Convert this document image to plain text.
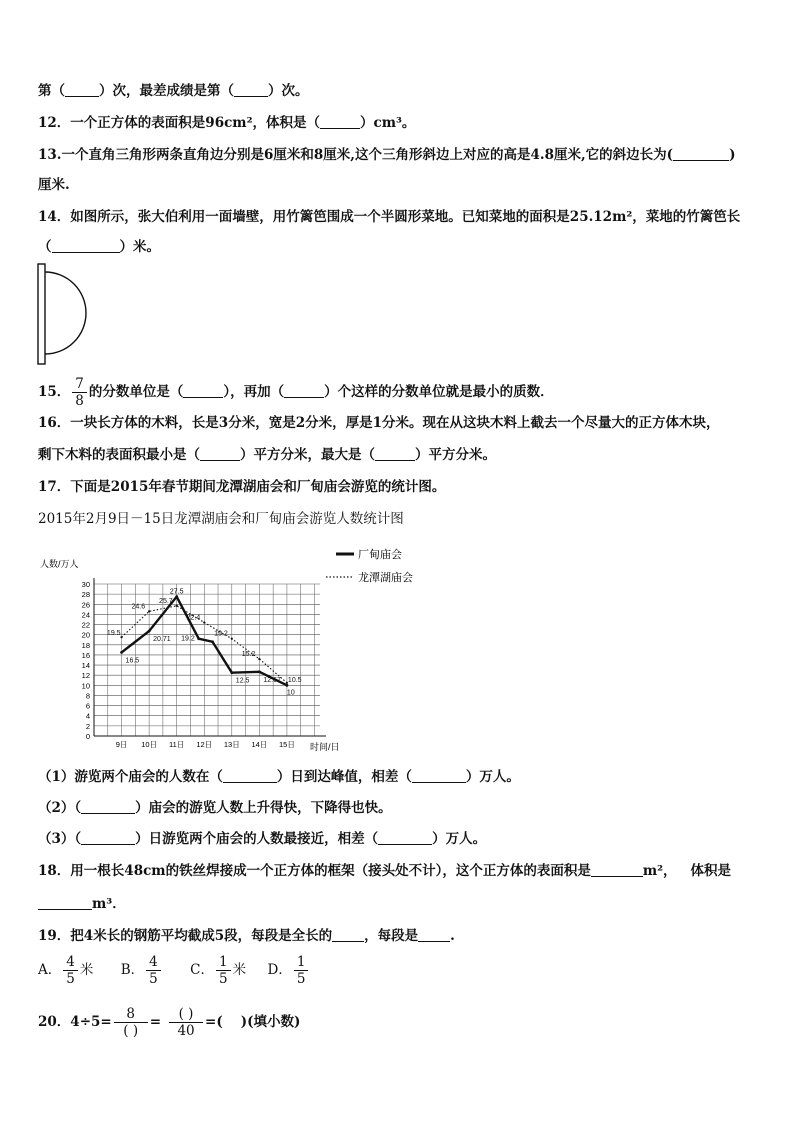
第（	）次，最差成绩是第（	）次。
12．一个正方体的表面积是96cm²，体积是（	）cm³。
13.一个直角三角形两条直角边分别是6厘米和8厘米,这个三角形斜边上对应的高是4.8厘米,它的斜边长为(	)
厘米.
14．如图所示，张大伯利用一面墙壁，用竹篱笆围成一个半圆形菜地。已知菜地的面积是25.12m²，菜地的竹篱笆长
（	）米。
15． $\frac{7}{8}$ 的分数单位是（	），再加（	）个这样的分数单位就是最小的质数．
16．一块长方体的木料，长是3分米，宽是2分米，厚是1分米。现在从这块木料上截去一个尽量大的正方体木块，
剩下木料的表面积最小是（	）平方分米，最大是（	）平方分米。
17．下面是2015年春节期间龙潭湖庙会和厂甸庙会游览的统计图。
2015年2月9日－15日龙潭湖庙会和厂甸庙会游览人数统计图
0
2
4
6
8
10
12
14
16
18
20
22
24
26
28
30
9日 10日 11日 12日 13日 14日 15日
16.5
20.71 19.2
12.5 12.67
10
19.5
24.6
25.7
22.4
19.2
15.2
10.5
27.5
人数/万人
时间/日
厂甸庙会
龙潭湖庙会
（1）游览两个庙会的人数在（	）日到达峰值，相差（	）万人。
（2）（	）庙会的游览人数上升得快，下降得也快。
（3）（	）日游览两个庙会的人数最接近，相差（	）万人。
18．用一根长48cm的铁丝焊接成一个正方体的框架（接头处不计），这个正方体的表面积是	m²， 体积是
m³．
19．把4米长的钢筋平均截成5段，每段是全长的 ，每段是 .
A． $\frac{4}{5}$ 米 B． $\frac{4}{5}$ C． $\frac{1}{5}$ 米 D． $\frac{1}{5}$
20．$4\div 5= \frac{8}{( )} = \frac{( )}{40}$ =( )(填小数)
